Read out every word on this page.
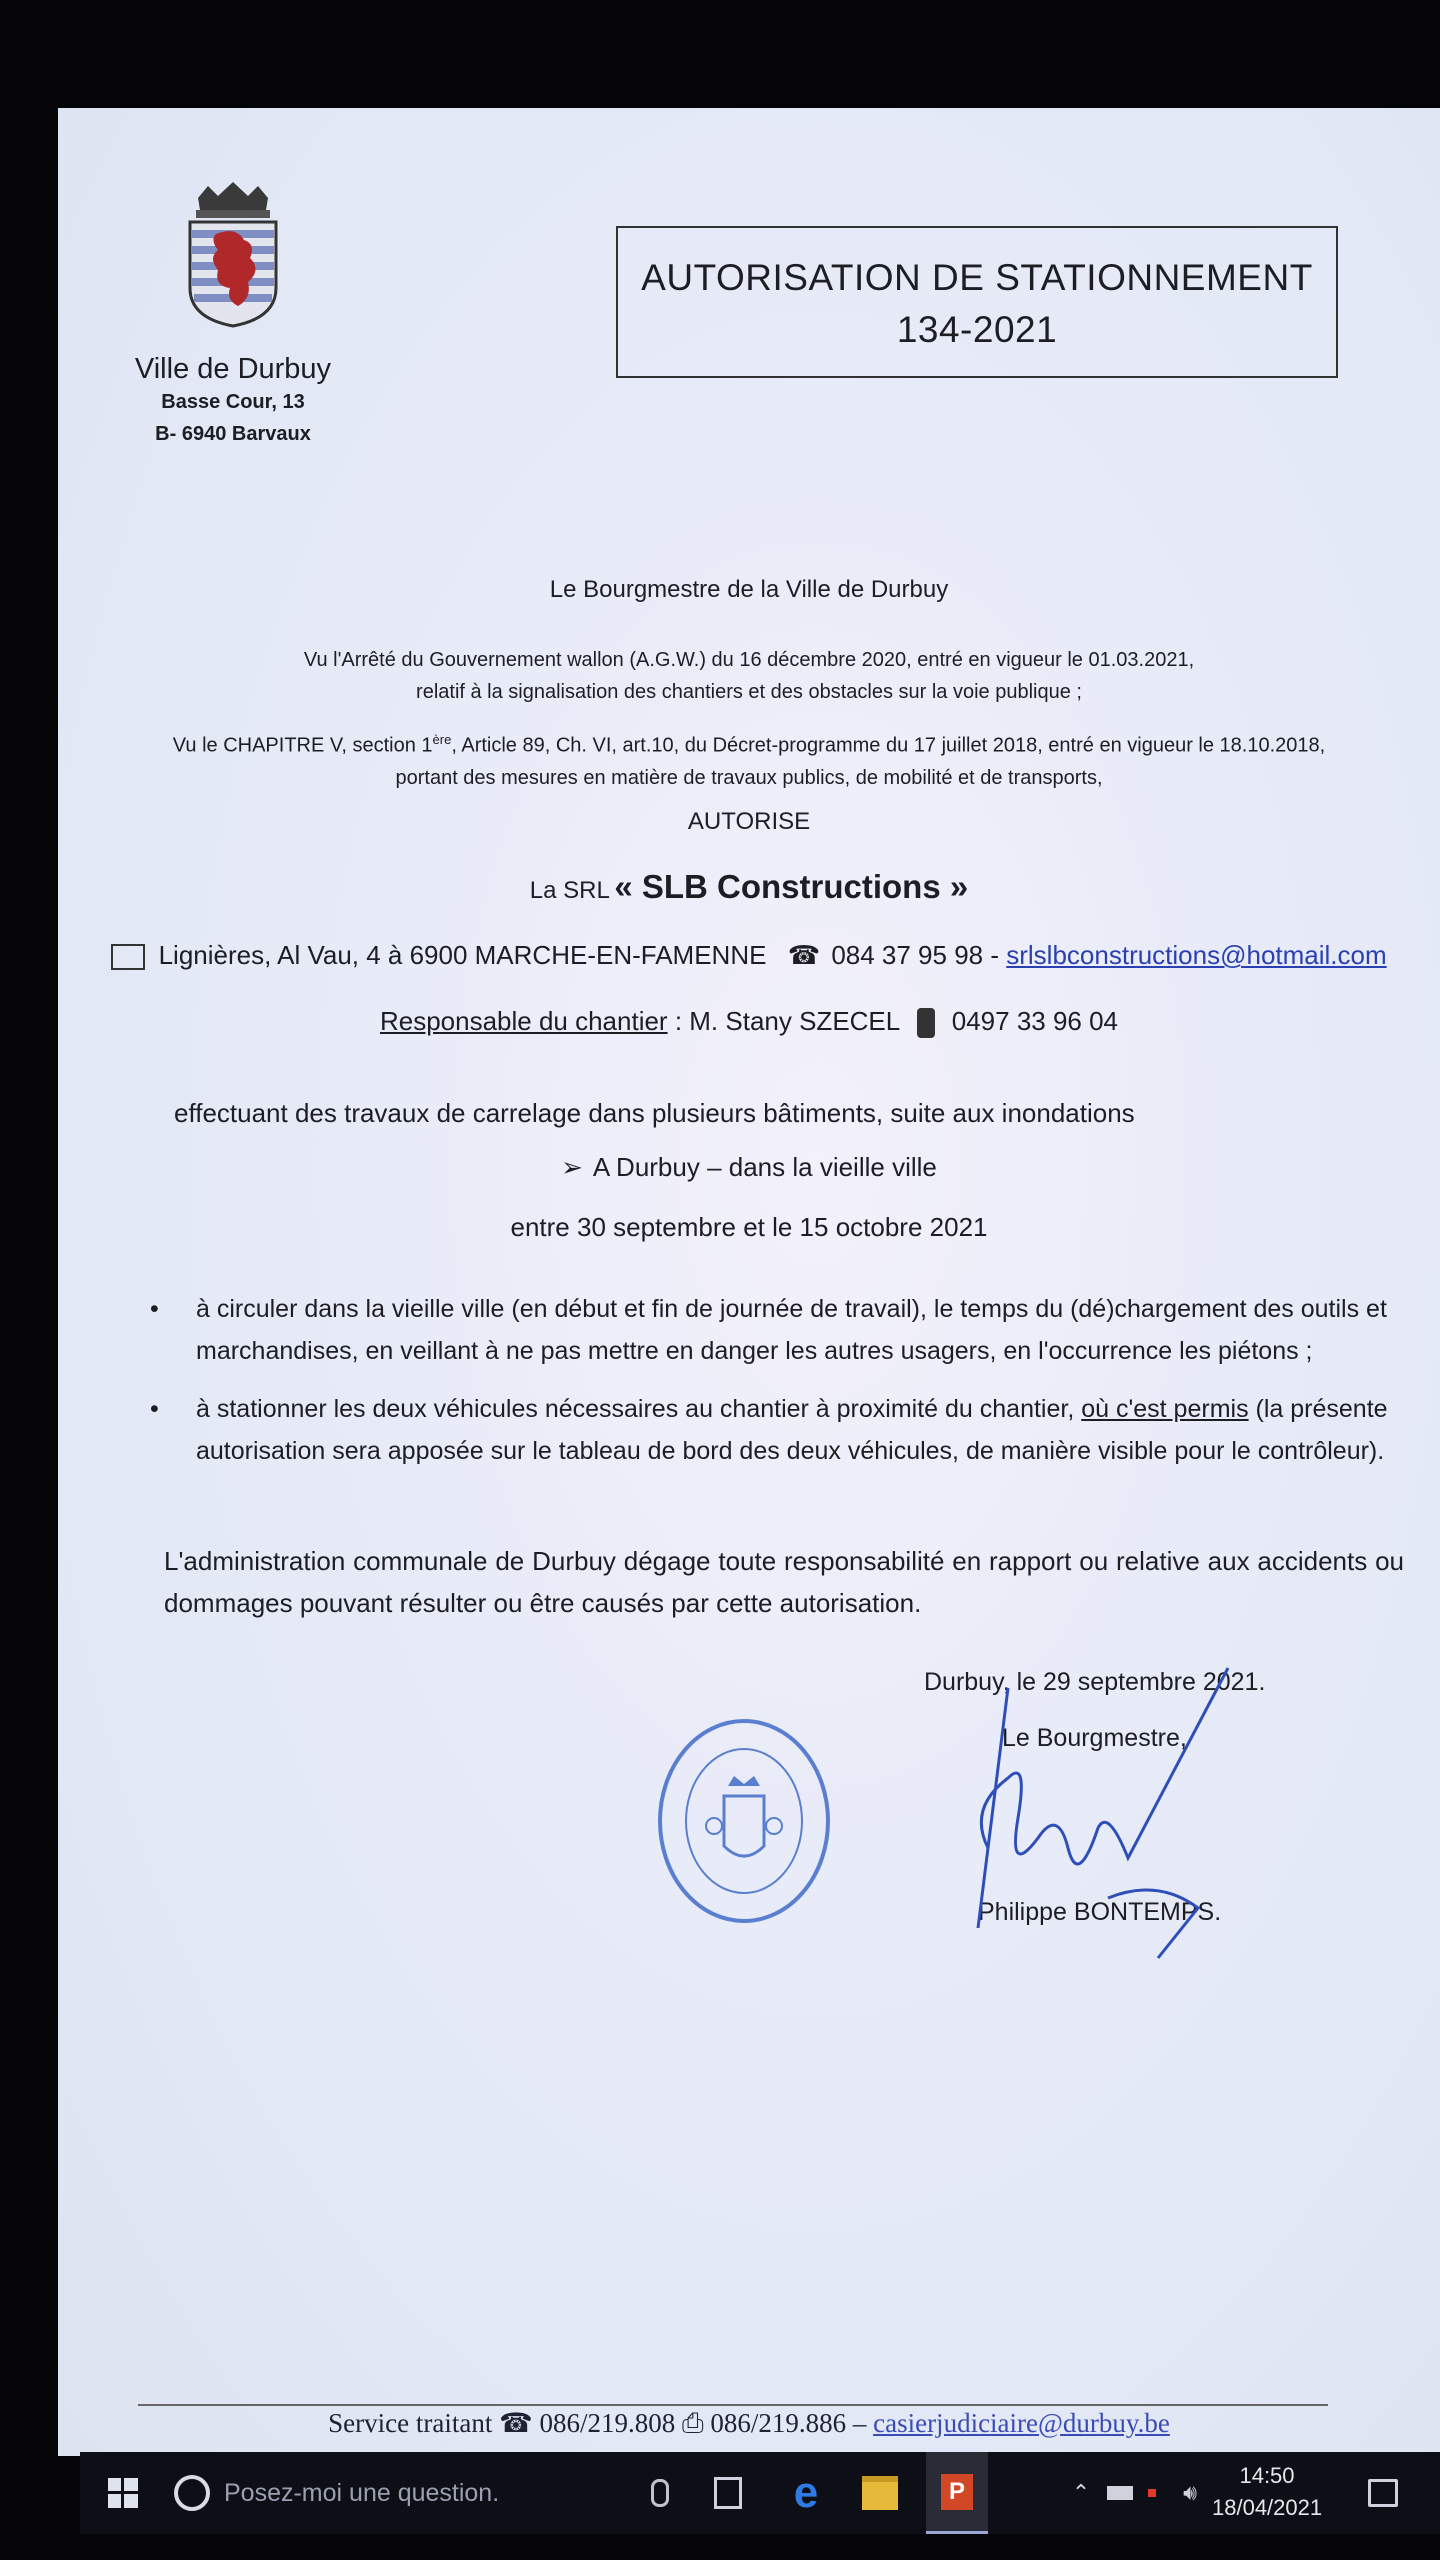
Ville de Durbuy
Basse Cour, 13
B- 6940 Barvaux
AUTORISATION DE STATIONNEMENT
134-2021
Le Bourgmestre de la Ville de Durbuy
Vu l'Arrêté du Gouvernement wallon (A.G.W.) du 16 décembre 2020, entré en vigueur le 01.03.2021,
relatif à la signalisation des chantiers et des obstacles sur la voie publique ;
Vu le CHAPITRE V, section 1ère, Article 89, Ch. VI, art.10, du Décret-programme du 17 juillet 2018, entré en vigueur le 18.10.2018,
portant des mesures en matière de travaux publics, de mobilité et de transports,
AUTORISE
La SRL « SLB Constructions »
Lignières, Al Vau, 4 à 6900 MARCHE-EN-FAMENNE ☎ 084 37 95 98 - srlslbconstructions@hotmail.com
Responsable du chantier : M. Stany SZECEL 0497 33 96 04
effectuant des travaux de carrelage dans plusieurs bâtiments, suite aux inondations
➢ A Durbuy – dans la vieille ville
entre 30 septembre et le 15 octobre 2021
• à circuler dans la vieille ville (en début et fin de journée de travail), le temps du (dé)chargement des outils et marchandises, en veillant à ne pas mettre en danger les autres usagers, en l'occurrence les piétons ;
• à stationner les deux véhicules nécessaires au chantier à proximité du chantier, où c'est permis (la présente autorisation sera apposée sur le tableau de bord des deux véhicules, de manière visible pour le contrôleur).
L'administration communale de Durbuy dégage toute responsabilité en rapport ou relative aux accidents ou dommages pouvant résulter ou être causés par cette autorisation.
Durbuy, le 29 septembre 2021.
Le Bourgmestre,
Philippe BONTEMPS.
Service traitant ☎ 086/219.808 ⎙ 086/219.886 – casierjudiciaire@durbuy.be
Posez-moi une question.	e	P	⌃	🔊︎
14:50
18/04/2021
